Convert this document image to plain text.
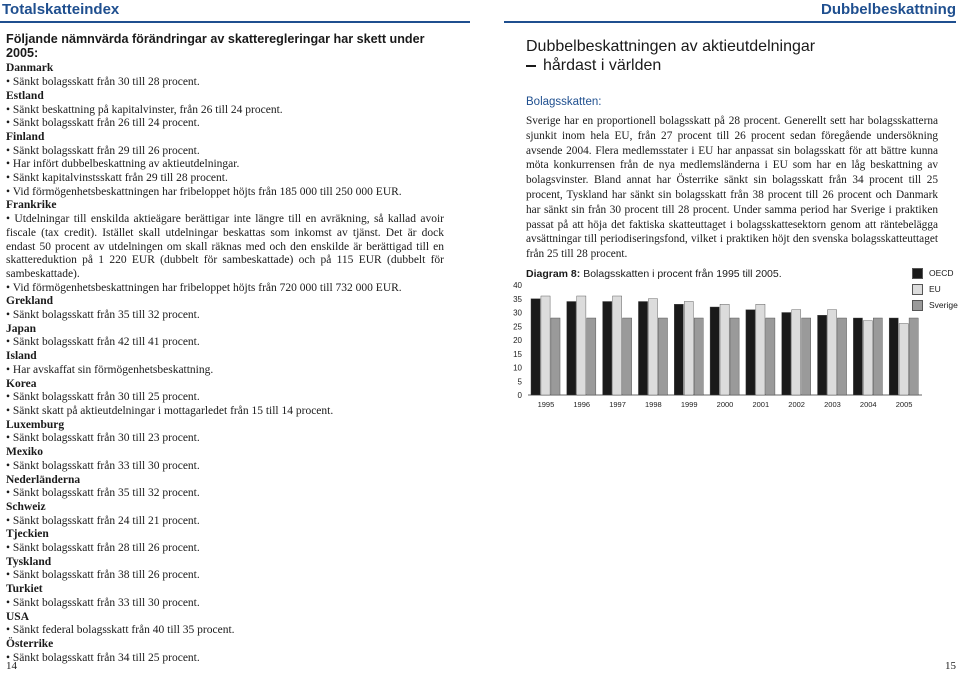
Totalskatteindex
Följande nämnvärda förändringar av skatteregleringar har skett under 2005:
Danmark
• Sänkt bolagsskatt från 30 till 28 procent.
Estland
• Sänkt beskattning på kapitalvinster, från 26 till 24 procent.
• Sänkt bolagsskatt från 26 till 24 procent.
Finland
• Sänkt bolagsskatt från 29 till 26 procent.
• Har infört dubbelbeskattning av aktieutdelningar.
• Sänkt kapitalvinstsskatt från 29 till 28 procent.
• Vid förmögenhetsbeskattningen har fribeloppet höjts från 185 000 till 250 000 EUR.
Frankrike
• Utdelningar till enskilda aktieägare berättigar inte längre till en avräkning, så kallad avoir fiscale (tax credit). Istället skall utdelningar beskattas som inkomst av tjänst. Det är dock endast 50 procent av utdelningen om skall räknas med och den enskilde är berättigad till en skattereduktion på 1 220 EUR (dubbelt för sambeskattade) och på 115 EUR (dubbelt för sambeskattade).
• Vid förmögenhetsbeskattningen har fribeloppet höjts från 720 000 till 732 000 EUR.
Grekland
• Sänkt bolagsskatt från 35 till 32 procent.
Japan
• Sänkt bolagsskatt från 42 till 41 procent.
Island
• Har avskaffat sin förmögenhetsbeskattning.
Korea
• Sänkt bolagsskatt från 30 till 25 procent.
• Sänkt skatt på aktieutdelningar i mottagarledet från 15 till 14 procent.
Luxemburg
• Sänkt bolagsskatt från 30 till 23 procent.
Mexiko
• Sänkt bolagsskatt från 33 till 30 procent.
Nederländerna
• Sänkt bolagsskatt från 35 till 32 procent.
Schweiz
• Sänkt bolagsskatt från 24 till 21 procent.
Tjeckien
• Sänkt bolagsskatt från 28 till 26 procent.
Tyskland
• Sänkt bolagsskatt från 38 till 26 procent.
Turkiet
• Sänkt bolagsskatt från 33 till 30 procent.
USA
• Sänkt federal bolagsskatt från 40 till 35 procent.
Österrike
• Sänkt bolagsskatt från 34 till 25 procent.
14
Dubbelbeskattning
Dubbelbeskattningen av aktieutdelningar
hårdast i världen
Bolagsskatten:
Sverige har en proportionell bolagsskatt på 28 procent. Generellt sett har bolagsskatterna sjunkit inom hela EU, från 27 procent till 26 procent sedan föregående undersökning avsende 2004. Flera medlemsstater i EU har anpassat sin bolagsskatt för att bättre kunna möta konkurrensen från de nya medlemsländerna i EU som har en låg beskattning av bolagsvinster. Bland annat har Österrike sänkt sin bolagsskatt från 34 procent till 25 procent, Tyskland har sänkt sin bolagsskatt från 38 procent till 26 procent och Danmark har sänkt sin från 30 procent till 28 procent. Under samma period har Sverige i praktiken passat på att höja det faktiska skatteuttaget i bolagsskattesektorn genom att räntebelägga avsättningar till periodiseringsfond, vilket i praktiken höjt den svenska bolagsskatteuttaget från 25 till 28 procent.
Diagram 8: Bolagsskatten i procent från 1995 till 2005.
0
5
10
15
20
25
30
35
40
1995	1996	1997	1998	1999	2000	2001	2002	2003	2004	2005
OECD
EU
Sverige
15
